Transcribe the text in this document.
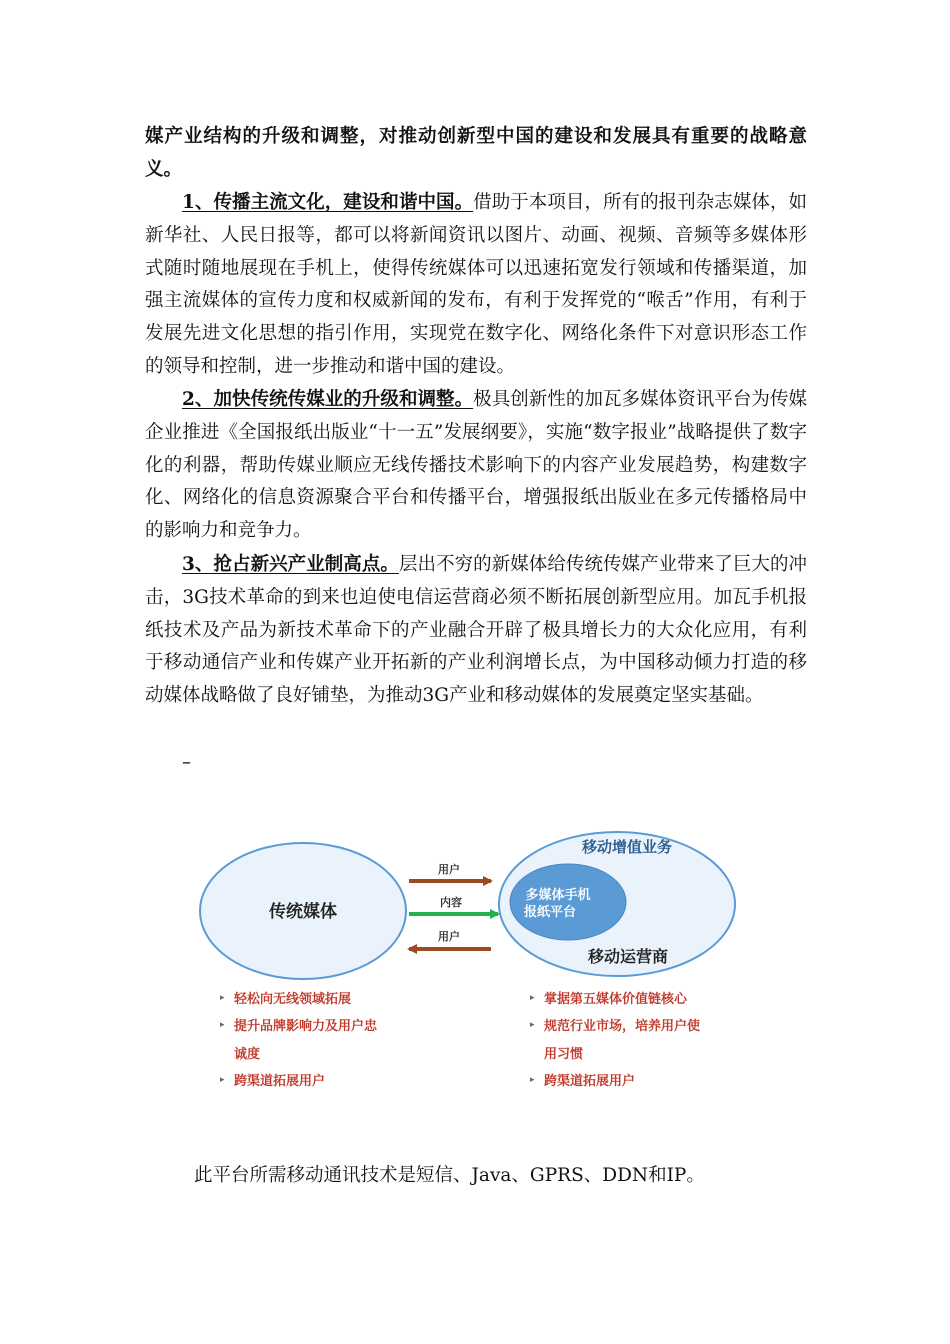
媒产业结构的升级和调整，对推动创新型中国的建设和发展具有重要的战略意义。

1、传播主流文化，建设和谐中国。借助于本项目，所有的报刊杂志媒体，如新华社、人民日报等，都可以将新闻资讯以图片、动画、视频、音频等多媒体形式随时随地展现在手机上，使得传统媒体可以迅速拓宽发行领域和传播渠道，加强主流媒体的宣传力度和权威新闻的发布，有利于发挥党的“喉舌”作用，有利于发展先进文化思想的指引作用，实现党在数字化、网络化条件下对意识形态工作的领导和控制，进一步推动和谐中国的建设。

2、加快传统传媒业的升级和调整。极具创新性的加瓦多媒体资讯平台为传媒企业推进《全国报纸出版业“十一五”发展纲要》，实施“数字报业”战略提供了数字化的利器，帮助传媒业顺应无线传播技术影响下的内容产业发展趋势，构建数字化、网络化的信息资源聚合平台和传播平台，增强报纸出版业在多元传播格局中的影响力和竞争力。

3、抢占新兴产业制高点。层出不穷的新媒体给传统传媒产业带来了巨大的冲击，3G技术革命的到来也迫使电信运营商必须不断拓展创新型应用。加瓦手机报纸技术及产品为新技术革命下的产业融合开辟了极具增长力的大众化应用，有利于移动通信产业和传媒产业开拓新的产业利润增长点，为中国移动倾力打造的移动媒体战略做了良好铺垫，为推动3G产业和移动媒体的发展奠定坚实基础。

–
传统媒体
移动增值业务
多媒体手机
报纸平台
移动运营商
用户
内容
用户
▸ 轻松向无线领域拓展
▸ 提升品牌影响力及用户忠
诚度
▸ 跨渠道拓展用户
▸ 掌据第五媒体价值链核心
▸ 规范行业市场，培养用户使
用习惯
▸ 跨渠道拓展用户
此平台所需移动通讯技术是短信、Java、GPRS、DDN和IP。
